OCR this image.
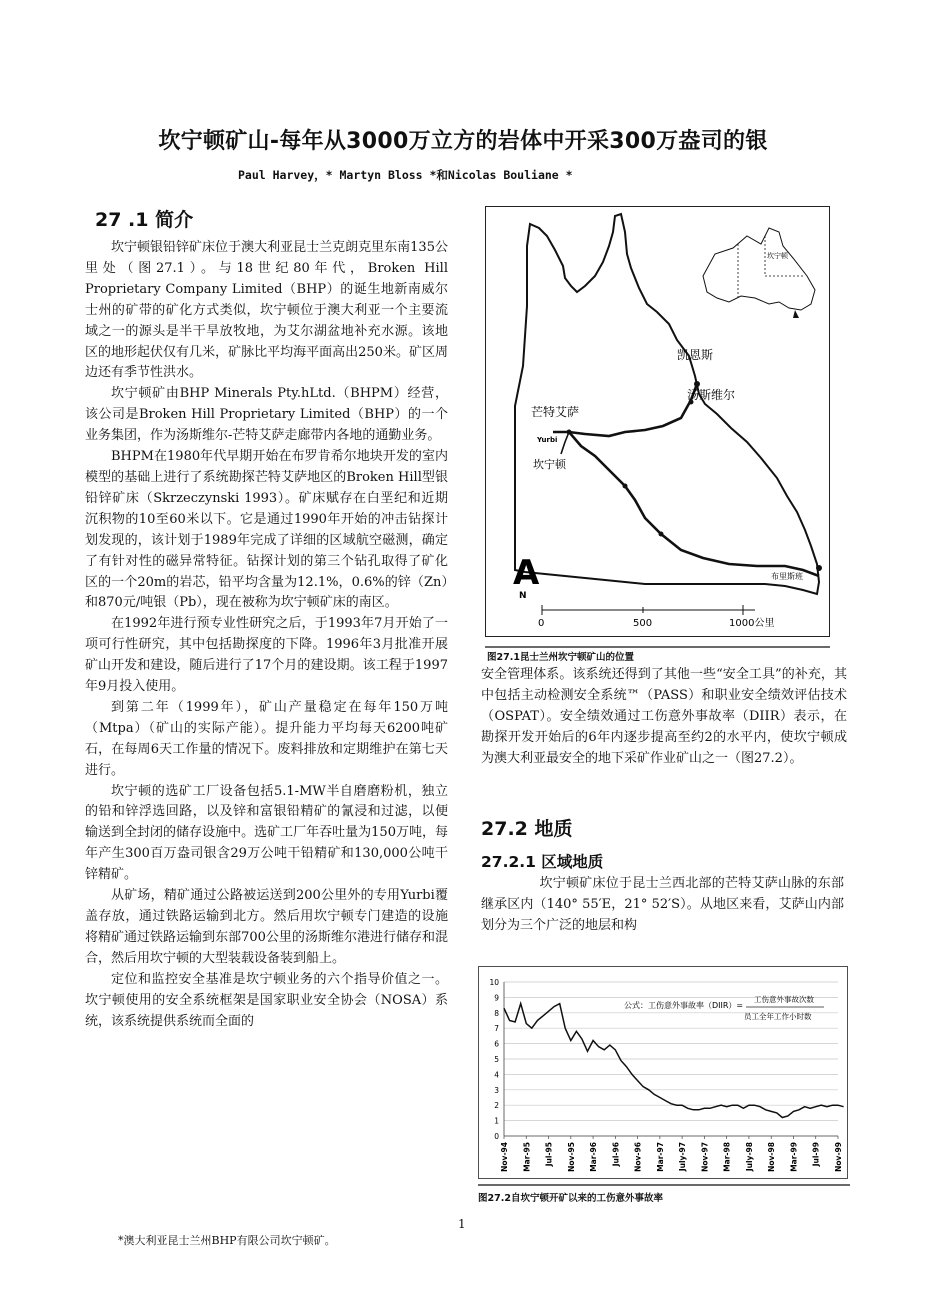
坎宁顿矿山-每年从3000万立方的岩体中开采300万盎司的银
Paul Harvey，* Martyn Bloss *和Nicolas Bouliane *
27 .1 简介

坎宁顿银铅锌矿床位于澳大利亚昆士兰克朗克里东南135公里处（图27.1）。与18世纪80年代，Broken Hill Proprietary Company Limited（BHP）的诞生地新南威尔士州的矿带的矿化方式类似，坎宁顿位于澳大利亚一个主要流域之一的源头是半干旱放牧地，为艾尔湖盆地补充水源。该地区的地形起伏仅有几米，矿脉比平均海平面高出250米。矿区周边还有季节性洪水。

坎宁顿矿由BHP Minerals Pty.hLtd.（BHPM）经营，该公司是Broken Hill Proprietary Limited（BHP）的一个业务集团，作为汤斯维尔-芒特艾萨走廊带内各地的通勤业务。

BHPM在1980年代早期开始在布罗肯希尔地块开发的室内模型的基础上进行了系统勘探芒特艾萨地区的Broken Hill型银铅锌矿床（Skrzeczynski 1993）。矿床赋存在白垩纪和近期沉积物的10至60米以下。它是通过1990年开始的冲击钻探计划发现的，该计划于1989年完成了详细的区域航空磁测，确定了有针对性的磁异常特征。钻探计划的第三个钻孔取得了矿化区的一个20m的岩芯，铅平均含量为12.1%，0.6%的锌（Zn）和870元/吨银（Pb），现在被称为坎宁顿矿床的南区。

在1992年进行预专业性研究之后，于1993年7月开始了一项可行性研究，其中包括勘探度的下降。1996年3月批准开展矿山开发和建设，随后进行了17个月的建设期。该工程于1997年9月投入使用。

到第二年（1999年），矿山产量稳定在每年150万吨（Mtpa）（矿山的实际产能）。提升能力平均每天6200吨矿石，在每周6天工作量的情况下。废料排放和定期维护在第七天进行。

坎宁顿的选矿工厂设备包括5.1-MW半自磨磨粉机，独立的铅和锌浮选回路，以及锌和富银铅精矿的氰浸和过滤，以便输送到全封闭的储存设施中。选矿工厂年吞吐量为150万吨，每年产生300百万盎司银含29万公吨干铅精矿和130,000公吨干锌精矿。

从矿场，精矿通过公路被运送到200公里外的专用Yurbi覆盖存放，通过铁路运输到北方。然后用坎宁顿专门建造的设施将精矿通过铁路运输到东部700公里的汤斯维尔港进行储存和混合，然后用坎宁顿的大型装载设备装到船上。

定位和监控安全基准是坎宁顿业务的六个指导价值之一。坎宁顿使用的安全系统框架是国家职业安全协会（NOSA）系统，该系统提供系统而全面的

坎宁顿
凯恩斯
汤斯维尔
芒特艾萨
Yurbi
坎宁顿
布里斯班
A
N
0	500	1000公里
图27.1昆士兰州坎宁顿矿山的位置

安全管理体系。该系统还得到了其他一些“安全工具”的补充，其中包括主动检测安全系统™（PASS）和职业安全绩效评估技术（OSPAT）。安全绩效通过工伤意外事故率（DIIR）表示，在勘探开发开始后的6年内逐步提高至约2的水平内，使坎宁顿成为澳大利亚最安全的地下采矿作业矿山之一（图27.2）。

27.2 地质
27.2.1 区域地质

坎宁顿矿床位于昆士兰西北部的芒特艾萨山脉的东部继承区内（140° 55′E，21° 52′S）。从地区来看，艾萨山内部划分为三个广泛的地层和构

0
1
2
3
4
5
6
7
8
9
10
Nov-94 Mar-95 Jul-95 Nov-95 Mar-96 Jul-96 Nov-96 Mar-97 July-97 Nov-97 Mar-98 July-98 Nov-98 Mar-99 Jul-99 Nov-99
公式：工伤意外事故率（DIIR）=
工伤意外事故次数
员工全年工作小时数
图27.2自坎宁顿开矿以来的工伤意外事故率
1
*澳大利亚昆士兰州BHP有限公司坎宁顿矿。
